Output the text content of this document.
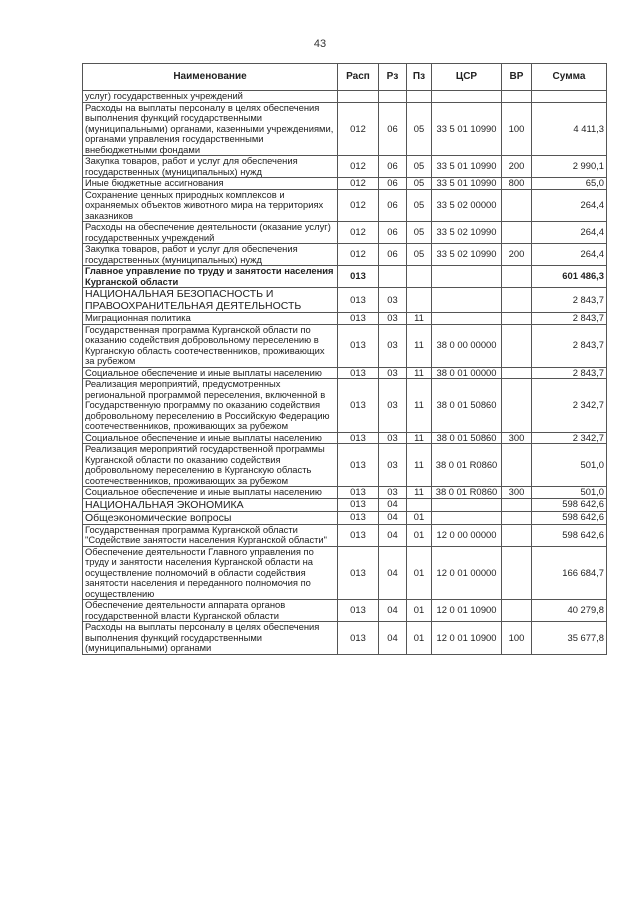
43
Наименование	Расп	Рз	Пз	ЦСР	ВР	Сумма
услуг) государственных учреждений						
Расходы на выплаты персоналу в целях обеспечения выполнения функций государственными (муниципальными) органами, казенными учреждениями, органами управления государственными внебюджетными фондами	012	06	05	33 5 01 10990	100	4 411,3
Закупка товаров, работ и услуг для обеспечения государственных (муниципальных) нужд	012	06	05	33 5 01 10990	200	2 990,1
Иные бюджетные ассигнования	012	06	05	33 5 01 10990	800	65,0
Сохранение ценных природных комплексов и охраняемых объектов животного мира на территориях заказников	012	06	05	33 5 02 00000		264,4
Расходы на обеспечение деятельности (оказание услуг) государственных учреждений	012	06	05	33 5 02 10990		264,4
Закупка товаров, работ и услуг для обеспечения государственных (муниципальных) нужд	012	06	05	33 5 02 10990	200	264,4
Главное управление по труду и занятости населения Курганской области	013					601 486,3
НАЦИОНАЛЬНАЯ БЕЗОПАСНОСТЬ И ПРАВООХРАНИТЕЛЬНАЯ ДЕЯТЕЛЬНОСТЬ	013	03				2 843,7
Миграционная политика	013	03	11			2 843,7
Государственная программа Курганской области по оказанию содействия добровольному переселению в Курганскую область соотечественников, проживающих за рубежом	013	03	11	38 0 00 00000		2 843,7
Социальное обеспечение и иные выплаты населению	013	03	11	38 0 01 00000		2 843,7
Реализация мероприятий, предусмотренных региональной программой переселения, включенной в Государственную программу по оказанию содействия добровольному переселению в Российскую Федерацию соотечественников, проживающих за рубежом	013	03	11	38 0 01 50860		2 342,7
Социальное обеспечение и иные выплаты населению	013	03	11	38 0 01 50860	300	2 342,7
Реализация мероприятий государственной программы Курганской области по оказанию содействия добровольному переселению в Курганскую область соотечественников, проживающих за рубежом	013	03	11	38 0 01 R0860		501,0
Социальное обеспечение и иные выплаты населению	013	03	11	38 0 01 R0860	300	501,0
НАЦИОНАЛЬНАЯ ЭКОНОМИКА	013	04				598 642,6
Общеэкономические вопросы	013	04	01			598 642,6
Государственная программа Курганской области "Содействие занятости населения Курганской области"	013	04	01	12 0 00 00000		598 642,6
Обеспечение деятельности Главного управления по труду и занятости населения Курганской области на осуществление полномочий в области содействия занятости населения и переданного полномочия по осуществлению	013	04	01	12 0 01 00000		166 684,7
Обеспечение деятельности аппарата органов государственной власти Курганской области	013	04	01	12 0 01 10900		40 279,8
Расходы на выплаты персоналу в целях обеспечения выполнения функций государственными (муниципальными) органами	013	04	01	12 0 01 10900	100	35 677,8
